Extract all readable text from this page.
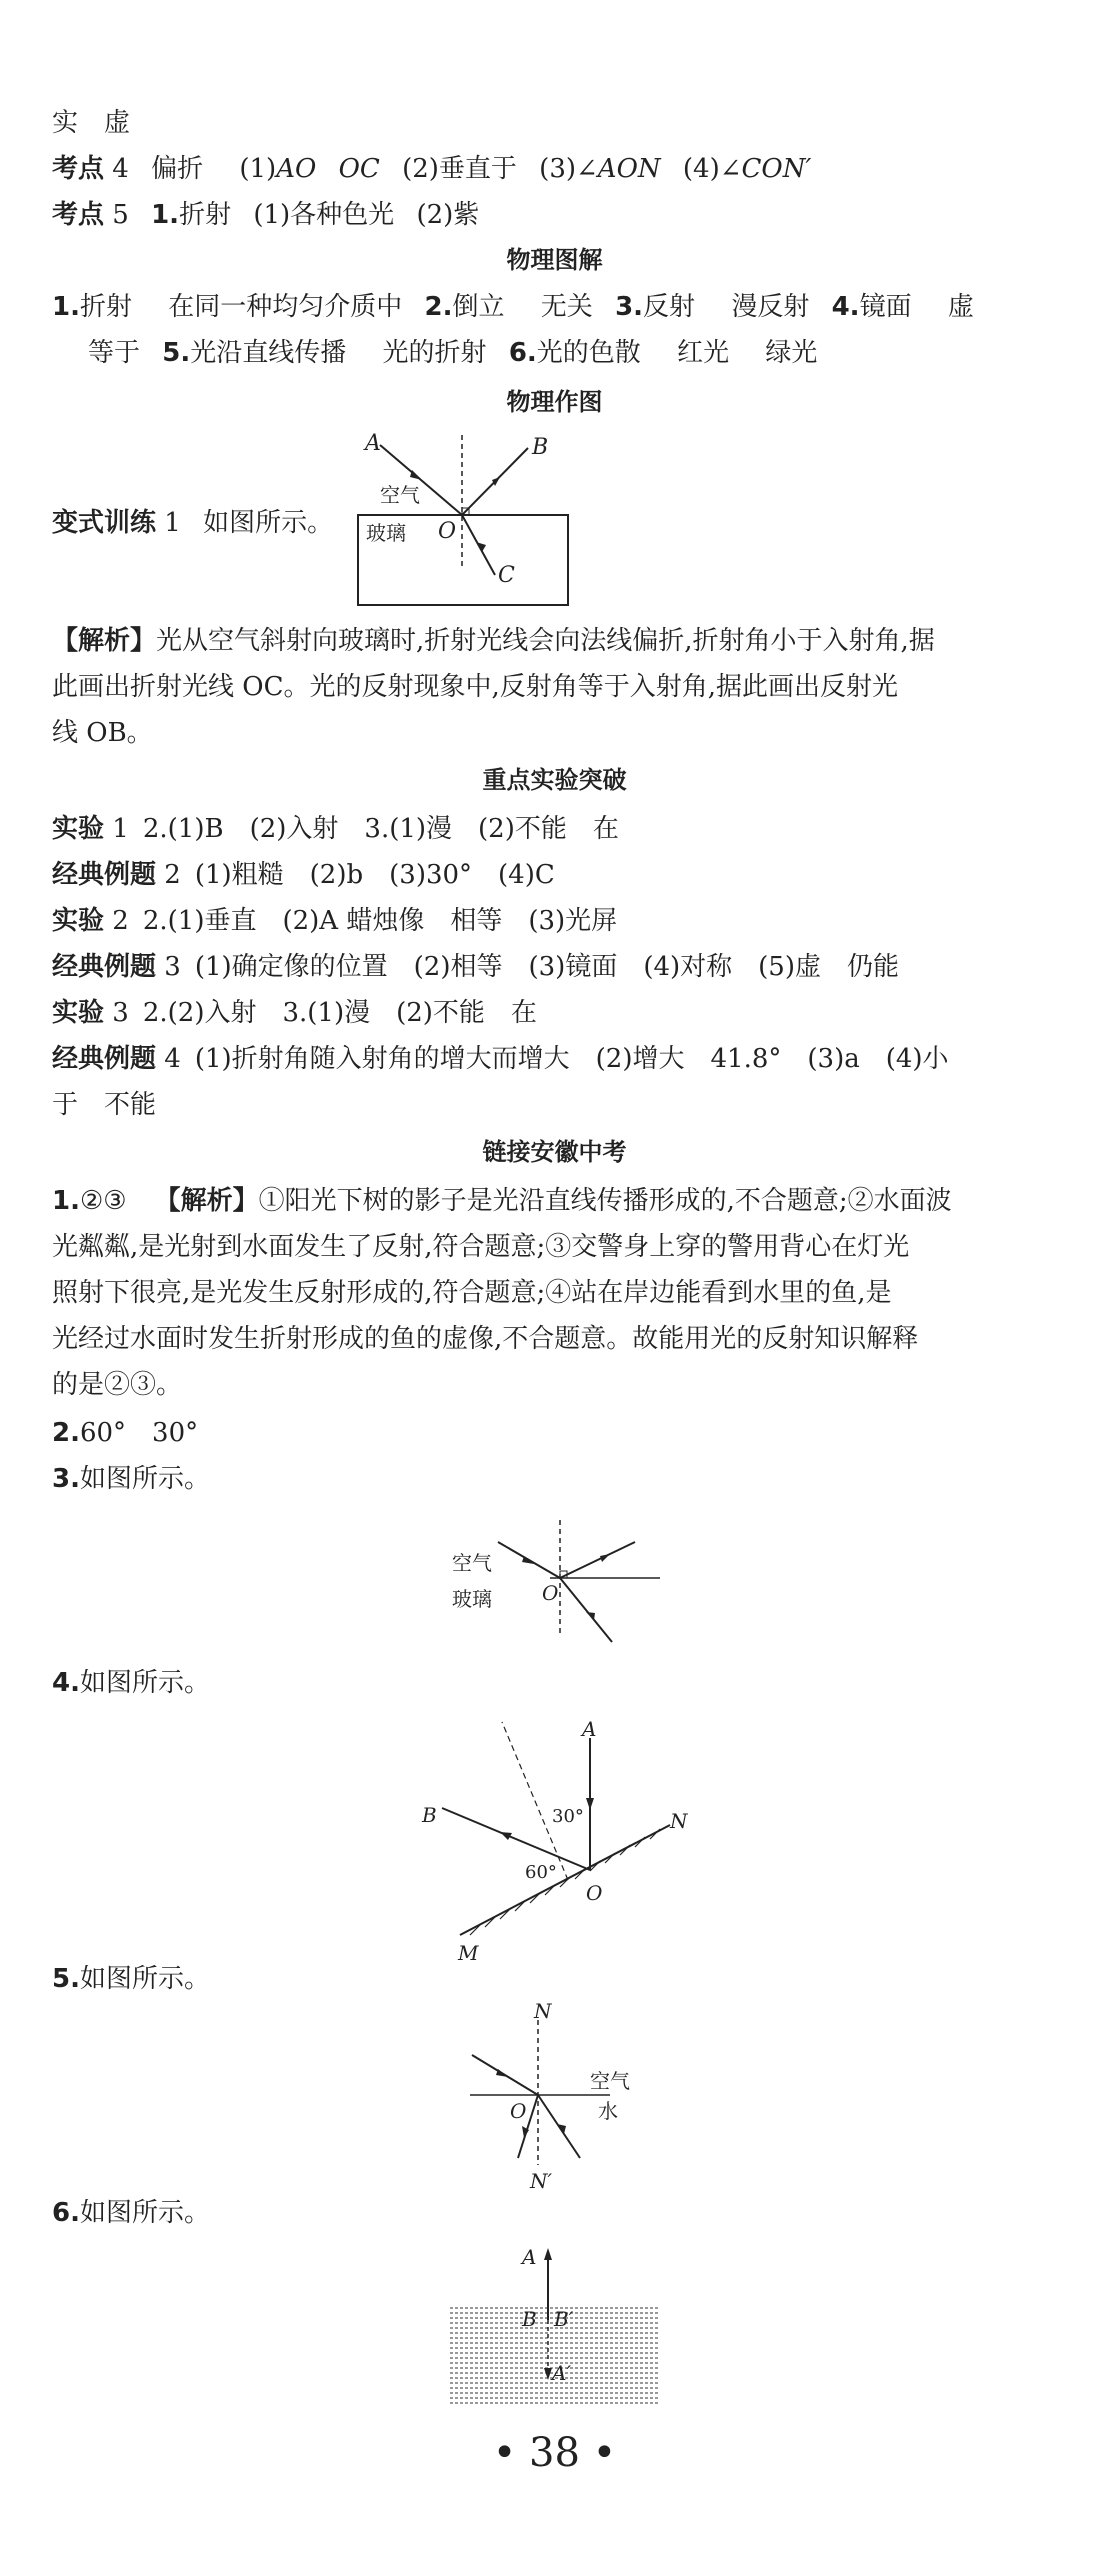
实　虚
考点 4 偏折 (1)AO OC (2)垂直于 (3)∠AON (4)∠CON′
考点 5 1.折射 (1)各种色光 (2)紫
物理图解
1.折射 在同一种均匀介质中 2.倒立 无关 3.反射 漫反射 4.镜面 虚
等于 5.光沿直线传播 光的折射 6.光的色散 红光 绿光
物理作图
变式训练 1 如图所示。
A	B
C
O
空气
玻璃
【解析】光从空气斜射向玻璃时,折射光线会向法线偏折,折射角小于入射角,据
此画出折射光线 OC。光的反射现象中,反射角等于入射角,据此画出反射光
线 OB。
重点实验突破
实验 1 2.(1)B　(2)入射　3.(1)漫　(2)不能　在
经典例题 2 (1)粗糙　(2)b　(3)30°　(4)C
实验 2 2.(1)垂直　(2)A 蜡烛像　相等　(3)光屏
经典例题 3 (1)确定像的位置　(2)相等　(3)镜面　(4)对称　(5)虚　仍能
实验 3 2.(2)入射　3.(1)漫　(2)不能　在
经典例题 4 (1)折射角随入射角的增大而增大　(2)增大　41.8°　(3)a　(4)小
于　不能
链接安徽中考
1.②③ 【解析】①阳光下树的影子是光沿直线传播形成的,不合题意;②水面波
光粼粼,是光射到水面发生了反射,符合题意;③交警身上穿的警用背心在灯光
照射下很亮,是光发生反射形成的,符合题意;④站在岸边能看到水里的鱼,是
光经过水面时发生折射形成的鱼的虚像,不合题意。故能用光的反射知识解释
的是②③。
2.60°　30°
3.如图所示。
空气
玻璃	O
4.如图所示。
A
B	N
M
O
30°
60°
5.如图所示。
N
N′
O
空气
水
6.如图所示。
A
B B′
A′
• 38 •
